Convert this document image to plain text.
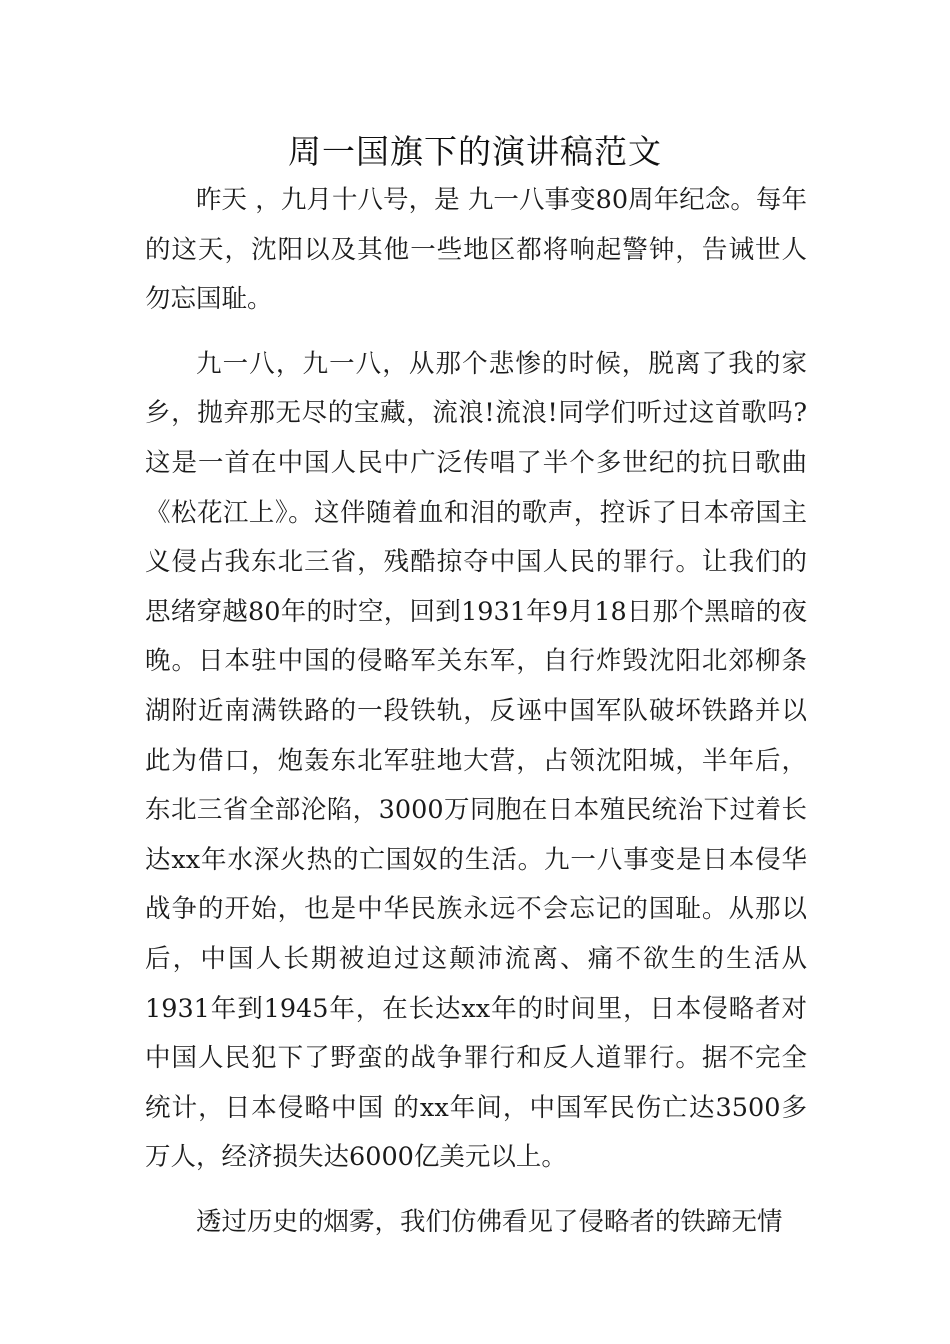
周一国旗下的演讲稿范文

昨天 ，九月十八号，是 九一八事变80周年纪念。每年的这天，沈阳以及其他一些地区都将响起警钟，告诫世人勿忘国耻。

九一八，九一八，从那个悲惨的时候，脱离了我的家乡，抛弃那无尽的宝藏，流浪!流浪!同学们听过这首歌吗?这是一首在中国人民中广泛传唱了半个多世纪的抗日歌曲《松花江上》。这伴随着血和泪的歌声，控诉了日本帝国主义侵占我东北三省，残酷掠夺中国人民的罪行。让我们的思绪穿越80年的时空，回到1931年9月18日那个黑暗的夜晚。日本驻中国的侵略军关东军，自行炸毁沈阳北郊柳条湖附近南满铁路的一段铁轨，反诬中国军队破坏铁路并以此为借口，炮轰东北军驻地大营，占领沈阳城，半年后，东北三省全部沦陷，3000万同胞在日本殖民统治下过着长达xx年水深火热的亡国奴的生活。九一八事变是日本侵华战争的开始，也是中华民族永远不会忘记的国耻。从那以后，中国人长期被迫过这颠沛流离、痛不欲生的生活从1931年到1945年，在长达xx年的时间里，日本侵略者对中国人民犯下了野蛮的战争罪行和反人道罪行。据不完全统计，日本侵略中国 的xx年间，中国军民伤亡达3500多万人，经济损失达6000亿美元以上。

透过历史的烟雾，我们仿佛看见了侵略者的铁蹄无情
